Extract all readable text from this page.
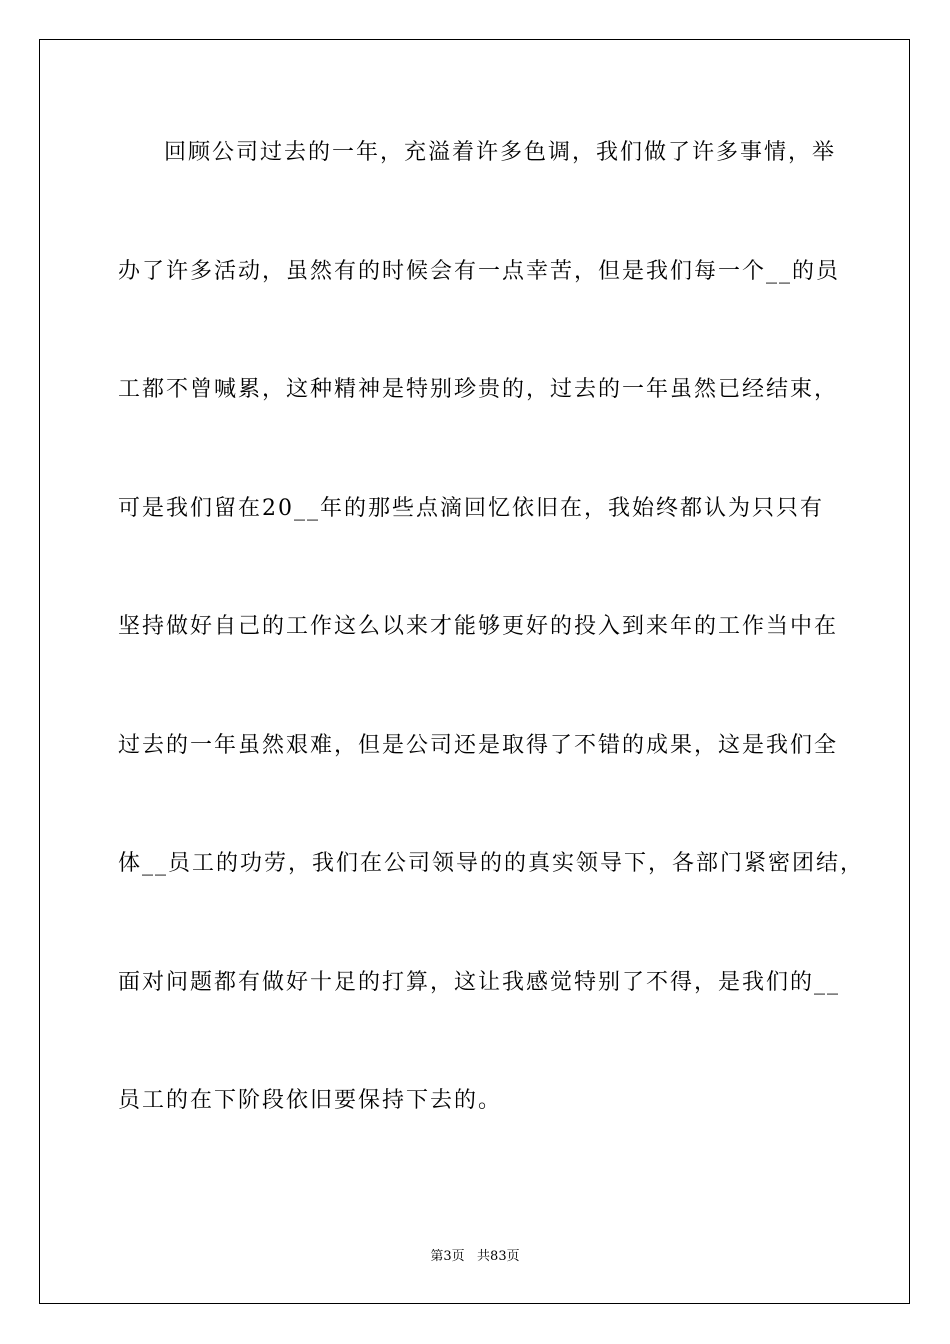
回顾公司过去的一年，充溢着许多色调，我们做了许多事情，举
办了许多活动，虽然有的时候会有一点幸苦，但是我们每一个__的员
工都不曾喊累，这种精神是特别珍贵的，过去的一年虽然已经结束，
可是我们留在20__年的那些点滴回忆依旧在，我始终都认为只只有
坚持做好自己的工作这么以来才能够更好的投入到来年的工作当中在
过去的一年虽然艰难，但是公司还是取得了不错的成果，这是我们全
体__员工的功劳，我们在公司领导的的真实领导下，各部门紧密团结，
面对问题都有做好十足的打算，这让我感觉特别了不得，是我们的__
员工的在下阶段依旧要保持下去的。
第3页   共83页
